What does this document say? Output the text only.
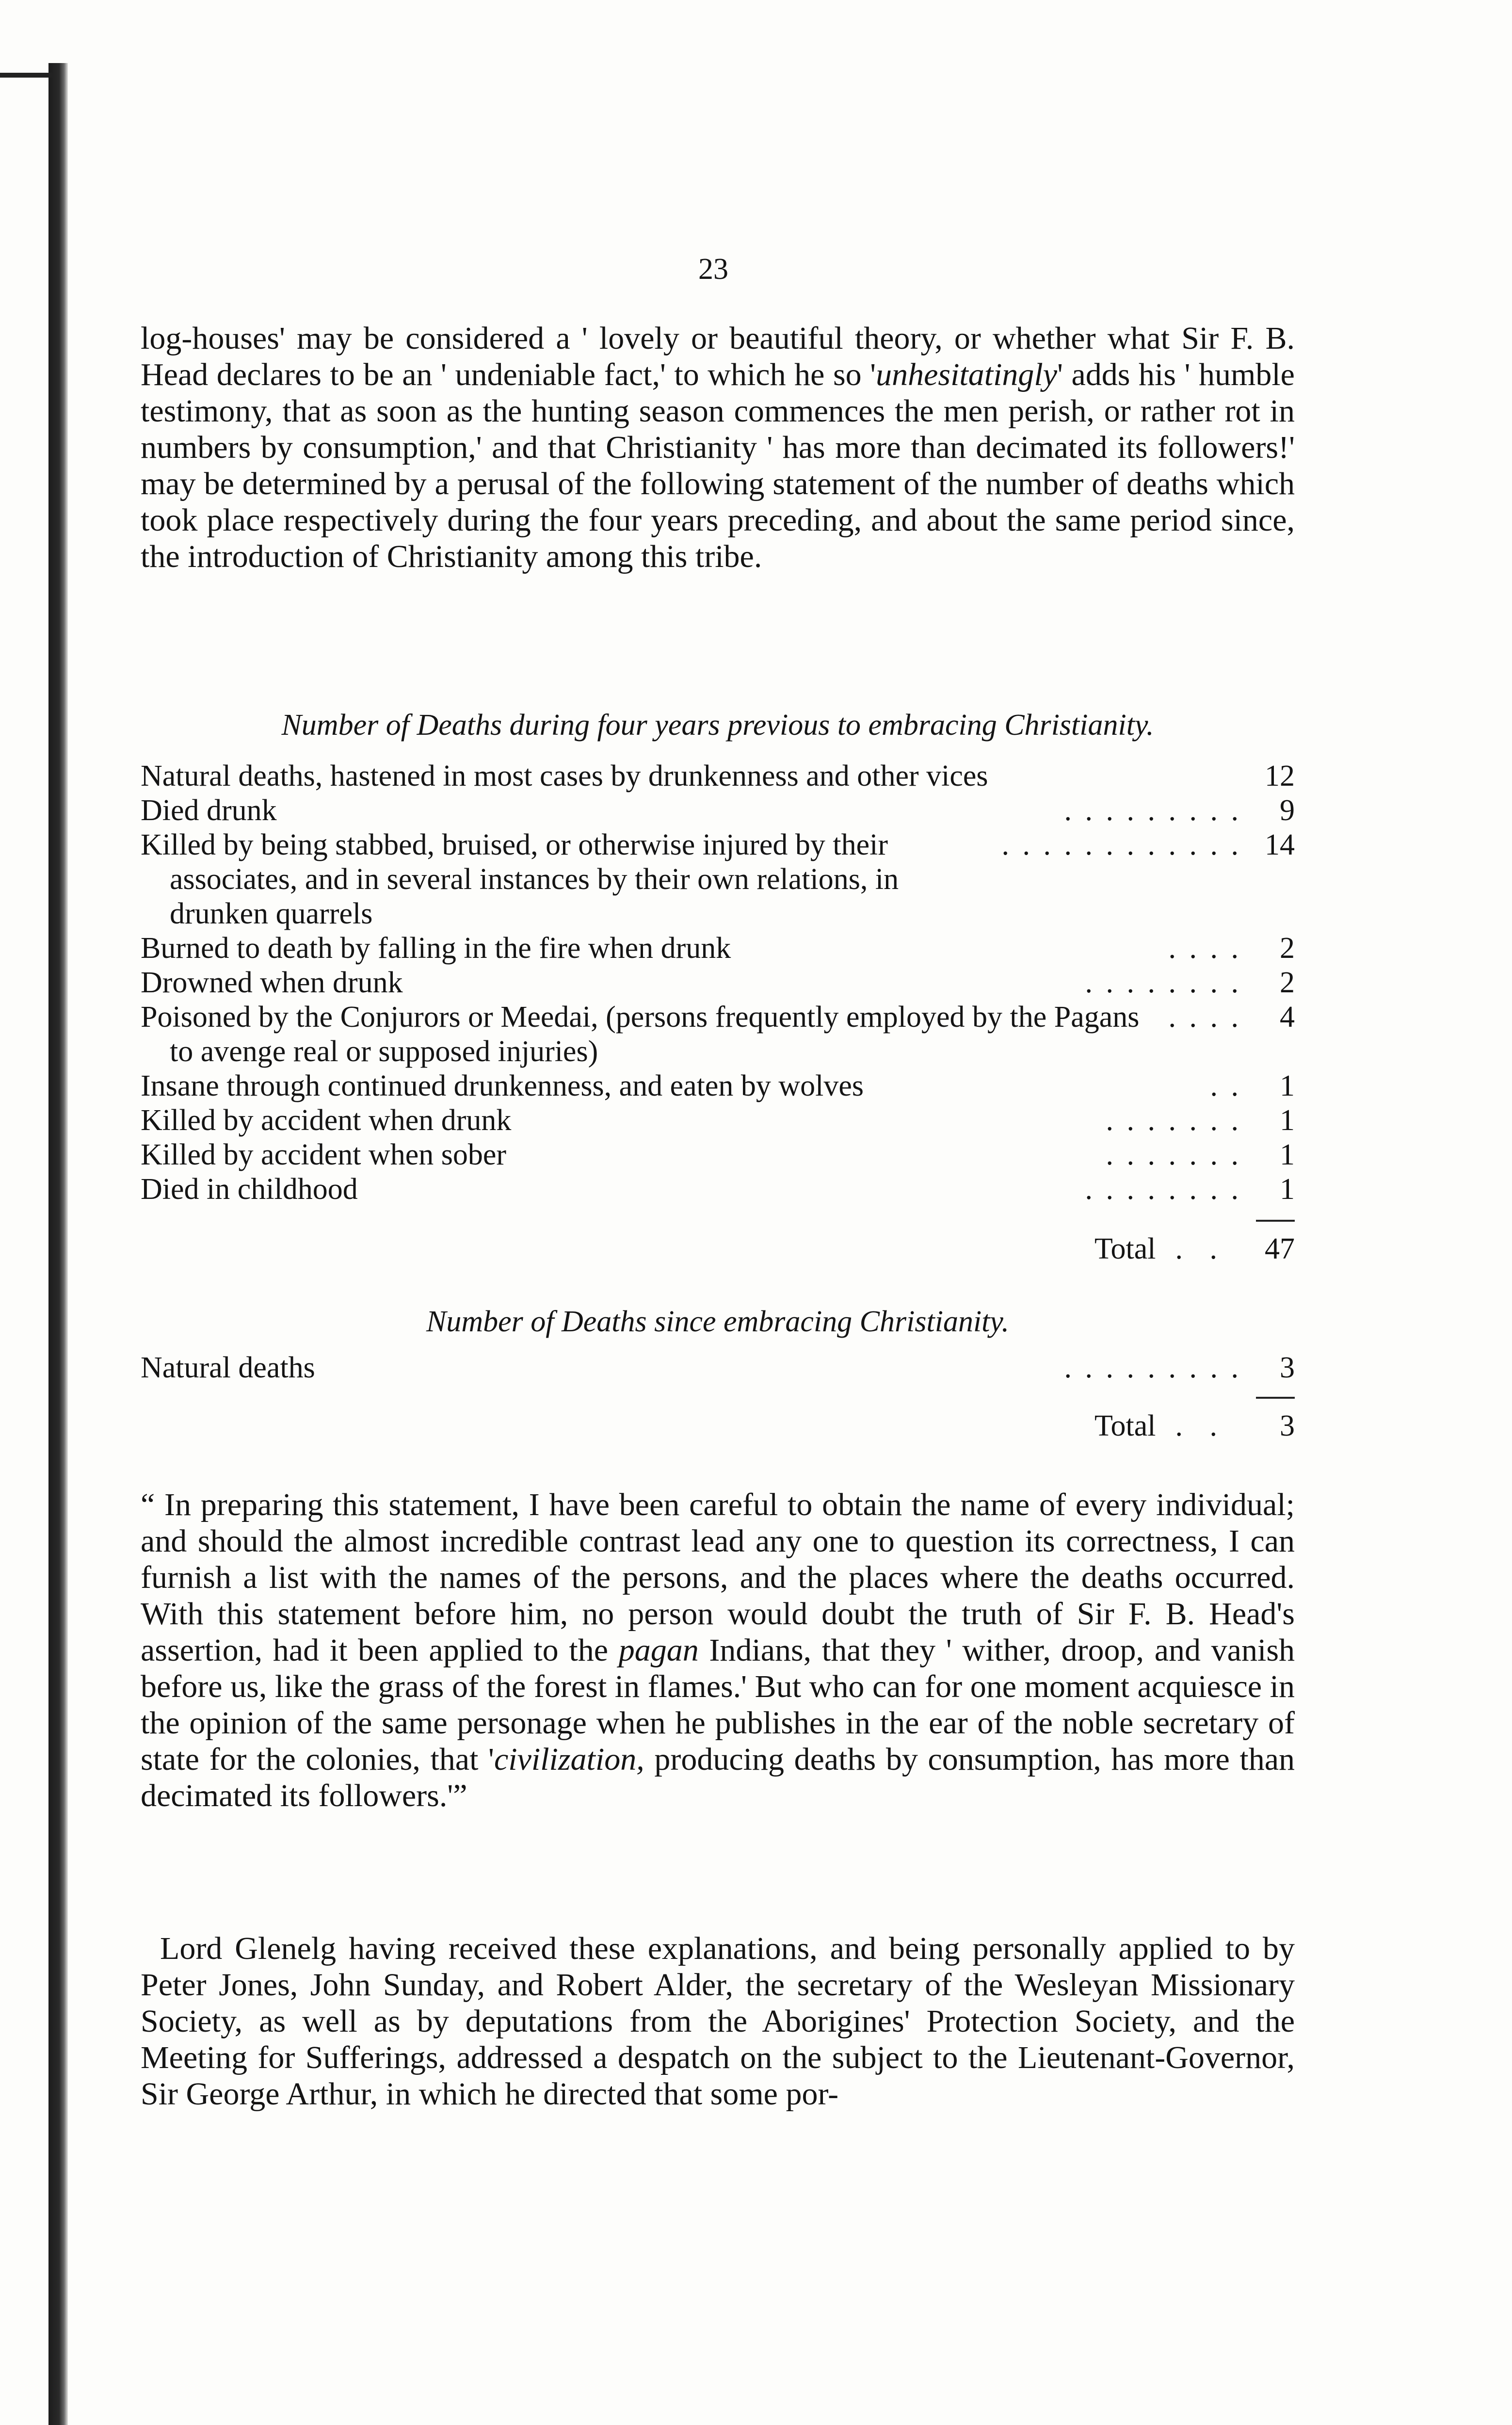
23

log-houses' may be considered a ' lovely or beautiful theory, or whether what Sir F. B. Head declares to be an ' undeniable fact,' to which he so 'unhesitatingly' adds his ' humble testimony, that as soon as the hunting season commences the men perish, or rather rot in numbers by consumption,' and that Christianity ' has more than decimated its followers!' may be determined by a perusal of the following statement of the number of deaths which took place respectively during the four years preceding, and about the same period since, the introduction of Christianity among this tribe.

Number of Deaths during four years previous to embracing Christianity.

Natural deaths, hastened in most cases by drunkenness and other vices	12
Died drunk	. . . . . . . . .	9
Killed by being stabbed, bruised, or otherwise injured by their associates, and in several instances by their own relations, in drunken quarrels
. . . . . . . . . . . . 14
Burned to death by falling in the fire when drunk	. . . .	2
Drowned when drunk	. . . . . . . .	2
Poisoned by the Conjurors or Meedai, (persons frequently employed by the Pagans to avenge real or supposed injuries)
. . . .	4
Insane through continued drunkenness, and eaten by wolves	. .	1
Killed by accident when drunk	. . . . . . .	1
Killed by accident when sober	. . . . . . .	1
Died in childhood	. . . . . . . .	1
Total . .	47

Number of Deaths since embracing Christianity.

Natural deaths	. . . . . . . . .	3
Total . .	3

“ In preparing this statement, I have been careful to obtain the name of every individual; and should the almost incredible contrast lead any one to question its correctness, I can furnish a list with the names of the persons, and the places where the deaths occurred. With this statement before him, no person would doubt the truth of Sir F. B. Head's assertion, had it been applied to the pagan Indians, that they ' wither, droop, and vanish before us, like the grass of the forest in flames.' But who can for one moment acquiesce in the opinion of the same personage when he publishes in the ear of the noble secretary of state for the colonies, that 'civilization, producing deaths by consumption, has more than decimated its followers.'”

Lord Glenelg having received these explanations, and being personally applied to by Peter Jones, John Sunday, and Robert Alder, the secretary of the Wesleyan Missionary Society, as well as by deputations from the Aborigines' Protection Society, and the Meeting for Sufferings, addressed a despatch on the subject to the Lieutenant-Governor, Sir George Arthur, in which he directed that some por-
